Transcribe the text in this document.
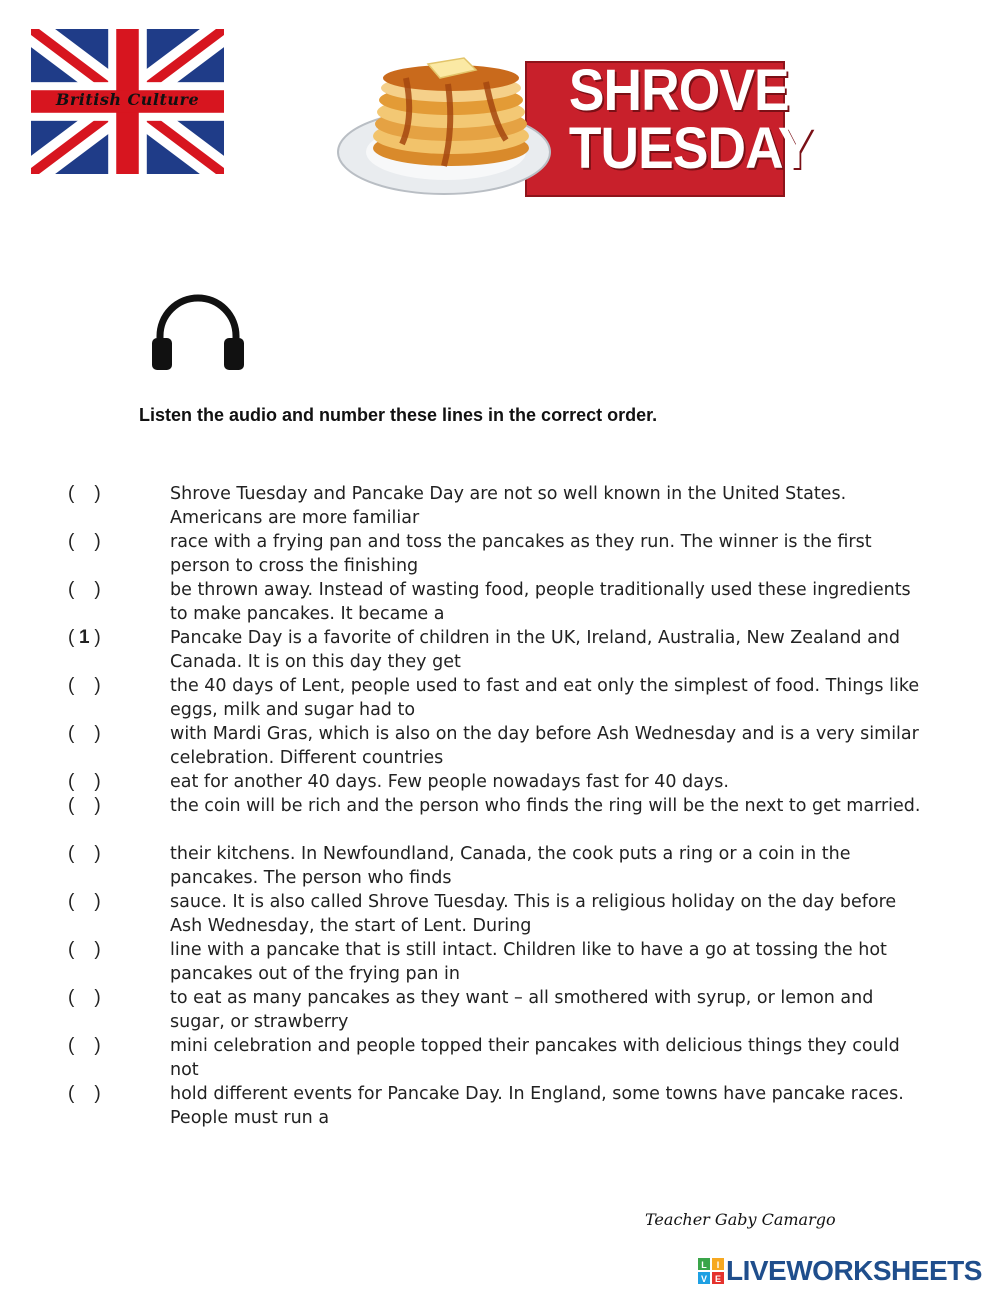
British Culture	SHROVE
TUESDAY
Listen the audio and number these lines in the correct order.
( )	Shrove Tuesday and Pancake Day are not so well known in the United States. Americans are more familiar
( )	race with a frying pan and toss the pancakes as they run. The winner is the first person to cross the finishing
( )	be thrown away. Instead of wasting food, people traditionally used these ingredients to make pancakes. It became a
( 1 )	Pancake Day is a favorite of children in the UK, Ireland, Australia, New Zealand and Canada. It is on this day they get
( )	the 40 days of Lent, people used to fast and eat only the simplest of food. Things like eggs, milk and sugar had to
( )	with Mardi Gras, which is also on the day before Ash Wednesday and is a very similar celebration. Different countries
( )	eat for another 40 days. Few people nowadays fast for 40 days.
( )	the coin will be rich and the person who finds the ring will be the next to get married.
( )	their kitchens. In Newfoundland, Canada, the cook puts a ring or a coin in the pancakes. The person who finds
( )	sauce. It is also called Shrove Tuesday. This is a religious holiday on the day before Ash Wednesday, the start of Lent. During
( )	line with a pancake that is still intact. Children like to have a go at tossing the hot pancakes out of the frying pan in
( )	to eat as many pancakes as they want – all smothered with syrup, or lemon and sugar, or strawberry
( )	mini celebration and people topped their pancakes with delicious things they could not
( )	hold different events for Pancake Day. In England, some towns have pancake races. People must run a
Teacher Gaby Camargo
L I
V E LIVEWORKSHEETS
